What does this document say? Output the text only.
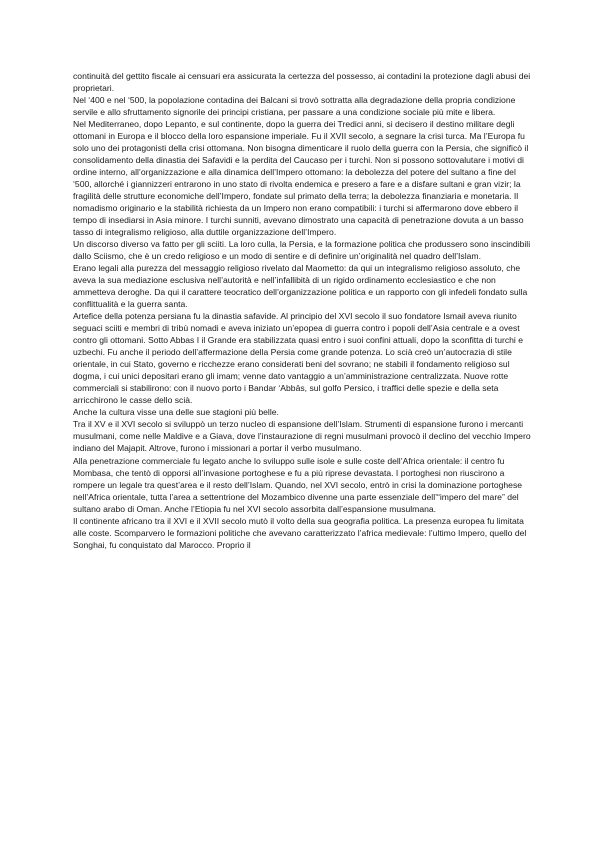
continuità del gettito fiscale ai censuari era assicurata la certezza del possesso, ai contadini la protezione dagli abusi dei proprietari.

Nel ‘400 e nel ‘500, la popolazione contadina dei Balcani si trovò sottratta alla degradazione della propria condizione servile e allo sfruttamento signorile dei principi cristiana, per passare a una condizione sociale più mite e libera.

Nel Mediterraneo, dopo Lepanto, e sul continente, dopo la guerra dei Tredici anni, si decisero il destino militare degli ottomani in Europa e il blocco della loro espansione imperiale. Fu il XVII secolo, a segnare la crisi turca. Ma l’Europa fu solo uno dei protagonisti della crisi ottomana. Non bisogna dimenticare il ruolo della guerra con la Persia, che significò il consolidamento della dinastia dei Safavidi e la perdita del Caucaso per i turchi. Non si possono sottovalutare i motivi di ordine interno, all’organizzazione e alla dinamica dell’Impero ottomano: la debolezza del potere del sultano a fine del ‘500, allorché i giannizzeri entrarono in uno stato di rivolta endemica e presero a fare e a disfare sultani e gran vizir; la fragilità delle strutture economiche dell’Impero, fondate sul primato della terra; la debolezza finanziaria e monetaria. Il nomadismo originario e la stabilità richiesta da un Impero non erano compatibili: i turchi si affermarono dove ebbero il tempo di insediarsi in Asia minore. I turchi sunniti, avevano dimostrato una capacità di penetrazione dovuta a un basso tasso di integralismo religioso, alla duttile organizzazione dell’Impero.

Un discorso diverso va fatto per gli sciiti. La loro culla, la Persia, e la formazione politica che produssero sono inscindibili dallo Sciismo, che è un credo religioso e un modo di sentire e di definire un’originalità nel quadro dell’Islam.

Erano legali alla purezza del messaggio religioso rivelato dal Maometto: da qui un integralismo religioso assoluto, che aveva la sua mediazione esclusiva nell’autorità e nell’infallibità di un rigido ordinamento ecclesiastico e che non ammetteva deroghe. Da qui il carattere teocratico dell’organizzazione politica e un rapporto con gli infedeli fondato sulla conflittualità e la guerra santa.

Artefice della potenza persiana fu la dinastia safavide. Al principio del XVI secolo il suo fondatore Ismail aveva riunito seguaci sciiti e membri di tribù nomadi e aveva iniziato un’epopea di guerra contro i popoli dell’Asia centrale e a ovest contro gli ottomani. Sotto Abbas I il Grande era stabilizzata quasi entro i suoi confini attuali, dopo la sconfitta di turchi e uzbechi. Fu anche il periodo dell’affermazione della Persia come grande potenza. Lo scià creò un’autocrazia di stile orientale, in cui Stato, governo e ricchezze erano considerati beni del sovrano; ne stabilì il fondamento religioso sul dogma, i cui unici depositari erano gli imam; venne dato vantaggio a un’amministrazione centralizzata. Nuove rotte commerciali si stabilirono: con il nuovo porto i Bandar ‘Abbās, sul golfo Persico, i traffici delle spezie e della seta arricchirono le casse dello scià.

Anche la cultura visse una delle sue stagioni più belle.

Tra il XV e il XVI secolo si sviluppò un terzo nucleo di espansione dell’Islam. Strumenti di espansione furono i mercanti musulmani, come nelle Maldive e a Giava, dove l’instaurazione di regni musulmani provocò il declino del vecchio Impero indiano del Majapit. Altrove, furono i missionari a portar il verbo musulmano.

Alla penetrazione commerciale fu legato anche lo sviluppo sulle isole e sulle coste dell’Africa orientale: il centro fu Mombasa, che tentò di opporsi all’invasione portoghese e fu a più riprese devastata. I portoghesi non riuscirono a rompere un legale tra quest’area e il resto dell’Islam. Quando, nel XVI secolo, entrò in crisi la dominazione portoghese nell’Africa orientale, tutta l’area a settentrione del Mozambico divenne una parte essenziale dell’“impero del mare” del sultano arabo di Oman. Anche l’Etiopia fu nel XVI secolo assorbita dall’espansione musulmana.

Il continente africano tra il XVI e il XVII secolo mutò il volto della sua geografia politica. La presenza europea fu limitata alle coste. Scomparvero le formazioni politiche che avevano caratterizzato l’africa medievale: l’ultimo Impero, quello del Songhai, fu conquistato dal Marocco. Proprio il
